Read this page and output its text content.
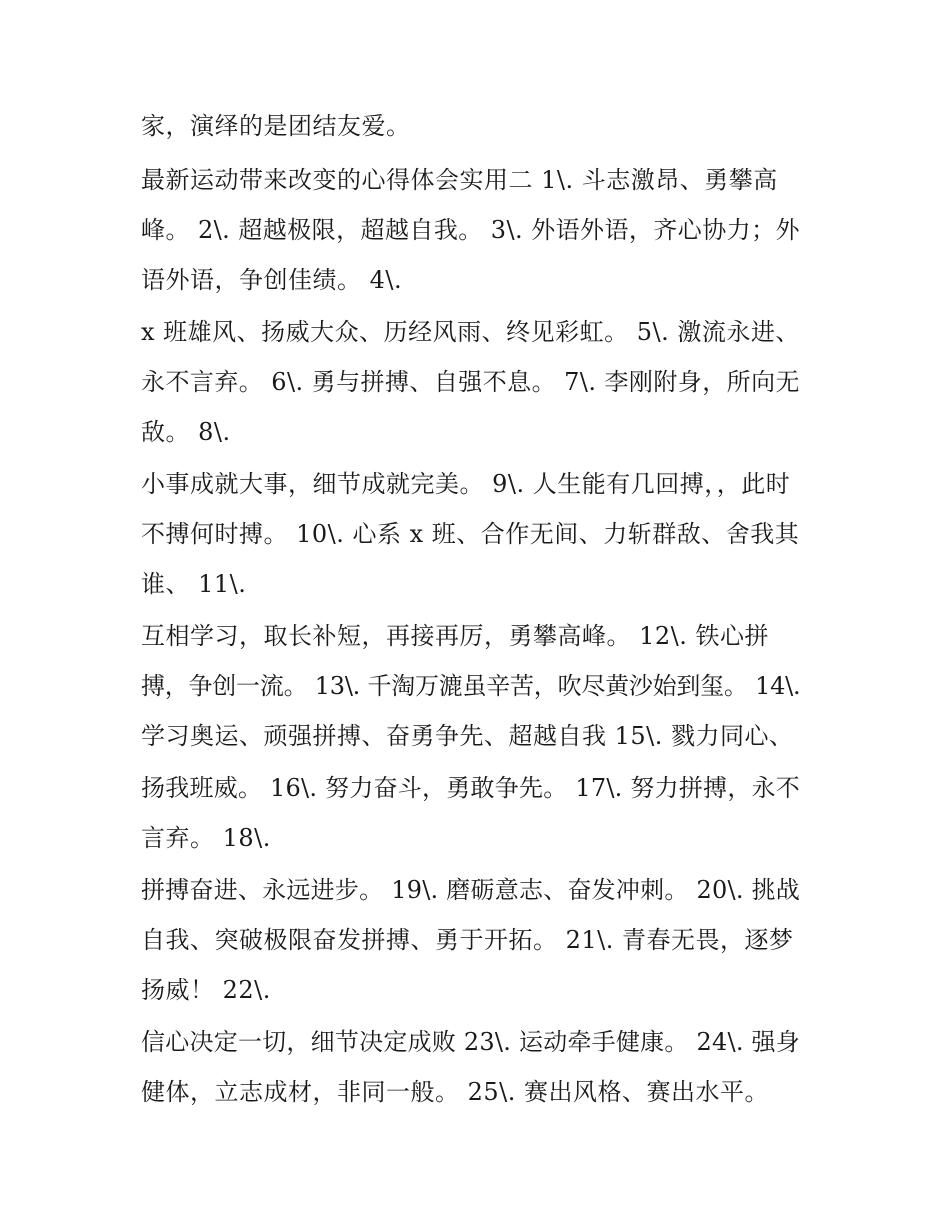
家，演绎的是团结友爱。
最新运动带来改变的心得体会实用二 1\. 斗志激昂、勇攀高
峰。 2\. 超越极限，超越自我。 3\. 外语外语，齐心协力；外
语外语，争创佳绩。 4\.
x 班雄风、扬威大众、历经风雨、终见彩虹。 5\. 激流永进、
永不言弃。 6\. 勇与拼搏、自强不息。 7\. 李刚附身，所向无
敌。 8\.
小事成就大事，细节成就完美。 9\. 人生能有几回搏，，此时
不搏何时搏。 10\. 心系 x 班、合作无间、力斩群敌、舍我其
谁、 11\.
互相学习，取长补短，再接再厉，勇攀高峰。 12\. 铁心拼
搏，争创一流。 13\. 千淘万漉虽辛苦，吹尽黄沙始到玺。 14\.
学习奥运、顽强拼搏、奋勇争先、超越自我 15\. 戮力同心、
扬我班威。 16\. 努力奋斗，勇敢争先。 17\. 努力拼搏，永不
言弃。 18\.
拼搏奋进、永远进步。 19\. 磨砺意志、奋发冲刺。 20\. 挑战
自我、突破极限奋发拼搏、勇于开拓。 21\. 青春无畏，逐梦
扬威！ 22\.
信心决定一切，细节决定成败 23\. 运动牵手健康。 24\. 强身
健体，立志成材，非同一般。 25\. 赛出风格、赛出水平。
